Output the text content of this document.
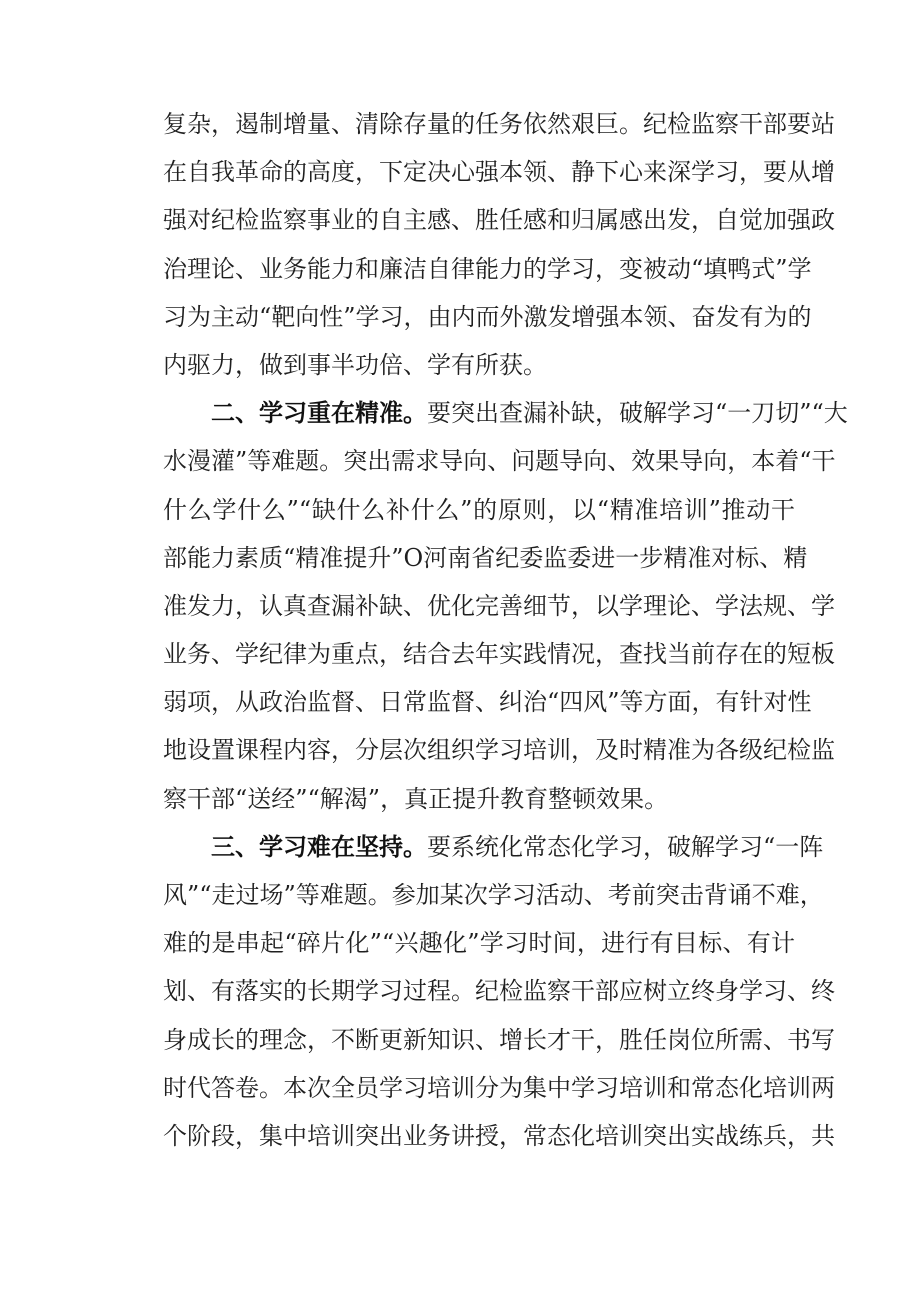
复杂，遏制增量、清除存量的任务依然艰巨。纪检监察干部要站
在自我革命的高度，下定决心强本领、静下心来深学习，要从增
强对纪检监察事业的自主感、胜任感和归属感出发，自觉加强政
治理论、业务能力和廉洁自律能力的学习，变被动“填鸭式”学
习为主动“靶向性”学习，由内而外激发增强本领、奋发有为的
内驱力，做到事半功倍、学有所获。
二、学习重在精准。要突出查漏补缺，破解学习“一刀切”“大
水漫灌”等难题。突出需求导向、问题导向、效果导向，本着“干
什么学什么”“缺什么补什么”的原则，以“精准培训”推动干
部能力素质“精准提升”O河南省纪委监委进一步精准对标、精
准发力，认真查漏补缺、优化完善细节，以学理论、学法规、学
业务、学纪律为重点，结合去年实践情况，查找当前存在的短板
弱项，从政治监督、日常监督、纠治“四风”等方面，有针对性
地设置课程内容，分层次组织学习培训，及时精准为各级纪检监
察干部“送经”“解渴”，真正提升教育整顿效果。
三、学习难在坚持。要系统化常态化学习，破解学习“一阵
风”“走过场”等难题。参加某次学习活动、考前突击背诵不难，
难的是串起“碎片化”“兴趣化”学习时间，进行有目标、有计
划、有落实的长期学习过程。纪检监察干部应树立终身学习、终
身成长的理念，不断更新知识、增长才干，胜任岗位所需、书写
时代答卷。本次全员学习培训分为集中学习培训和常态化培训两
个阶段，集中培训突出业务讲授，常态化培训突出实战练兵，共
